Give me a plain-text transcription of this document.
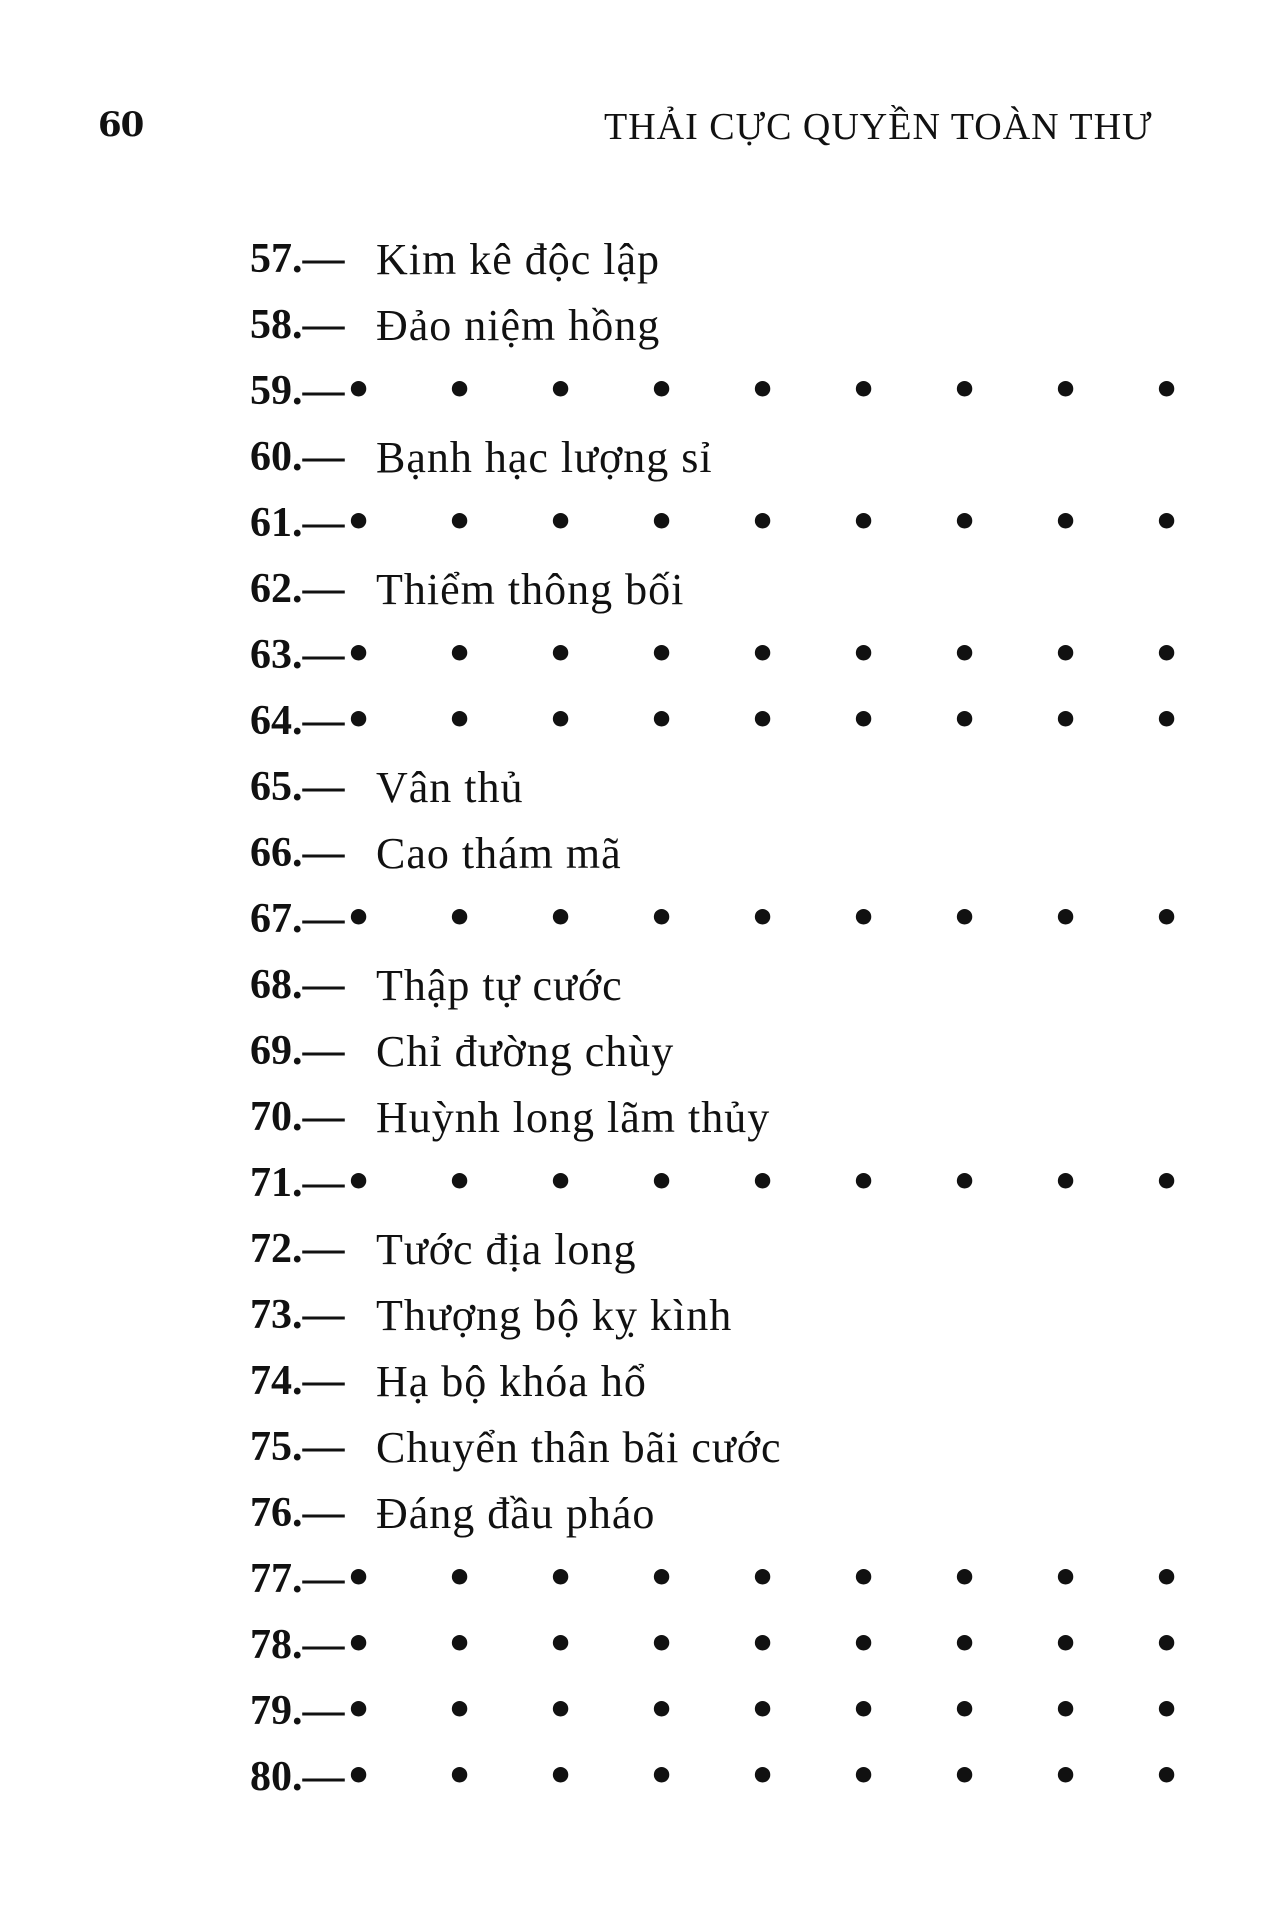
60	THẢI CỰC QUYỀN TOÀN THƯ
57.— Kim kê độc lập
58.— Đảo niệm hồng
59.—
•
•
•
•
•
•
•
•
•
60.— Bạnh hạc lượng sỉ
61.—
•
•
•
•
•
•
•
•
•
62.— Thiểm thông bối
63.—
•
•
•
•
•
•
•
•
•
64.—
•
•
•
•
•
•
•
•
•
65.— Vân thủ
66.— Cao thám mã
67.—
•
•
•
•
•
•
•
•
•
68.— Thập tự cước
69.— Chỉ đường chùy
70.— Huỳnh long lãm thủy
71.—
•
•
•
•
•
•
•
•
•
72.— Tước địa long
73.— Thượng bộ kỵ kình
74.— Hạ bộ khóa hổ
75.— Chuyển thân bãi cước
76.— Đáng đầu pháo
77.—
•
•
•
•
•
•
•
•
•
78.—
•
•
•
•
•
•
•
•
•
79.—
•
•
•
•
•
•
•
•
•
80.—
•
•
•
•
•
•
•
•
•
